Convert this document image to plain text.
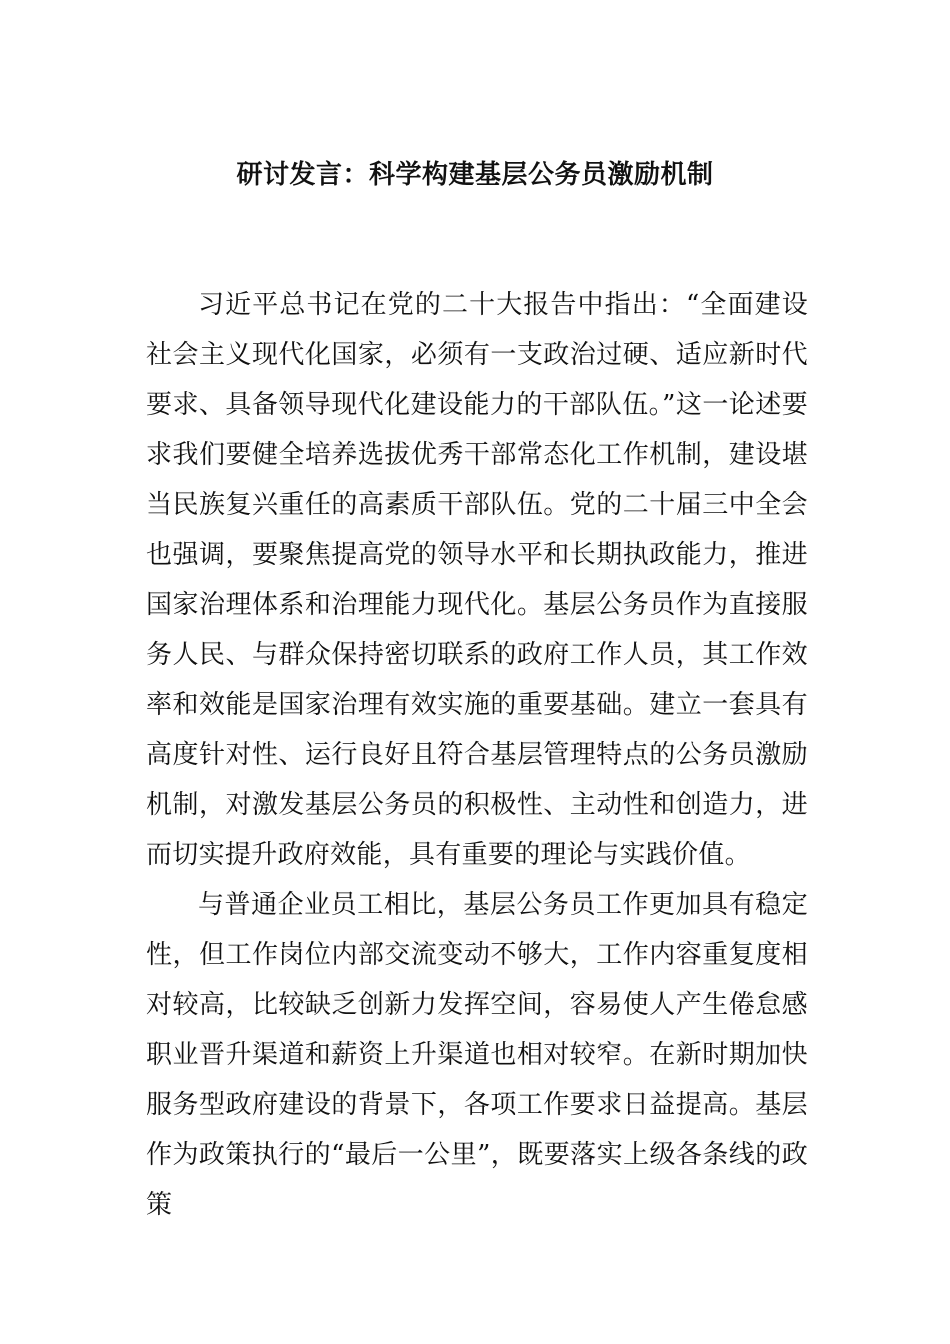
研讨发言：科学构建基层公务员激励机制

习近平总书记在党的二十大报告中指出：“全面建设社会主义现代化国家，必须有一支政治过硬、适应新时代要求、具备领导现代化建设能力的干部队伍。”这一论述要求我们要健全培养选拔优秀干部常态化工作机制，建设堪当民族复兴重任的高素质干部队伍。党的二十届三中全会也强调，要聚焦提高党的领导水平和长期执政能力，推进国家治理体系和治理能力现代化。基层公务员作为直接服务人民、与群众保持密切联系的政府工作人员，其工作效率和效能是国家治理有效实施的重要基础。建立一套具有高度针对性、运行良好且符合基层管理特点的公务员激励机制，对激发基层公务员的积极性、主动性和创造力，进而切实提升政府效能，具有重要的理论与实践价值。

与普通企业员工相比，基层公务员工作更加具有稳定性，但工作岗位内部交流变动不够大，工作内容重复度相对较高，比较缺乏创新力发挥空间，容易使人产生倦怠感职业晋升渠道和薪资上升渠道也相对较窄。在新时期加快服务型政府建设的背景下，各项工作要求日益提高。基层作为政策执行的“最后一公里”，既要落实上级各条线的政策
